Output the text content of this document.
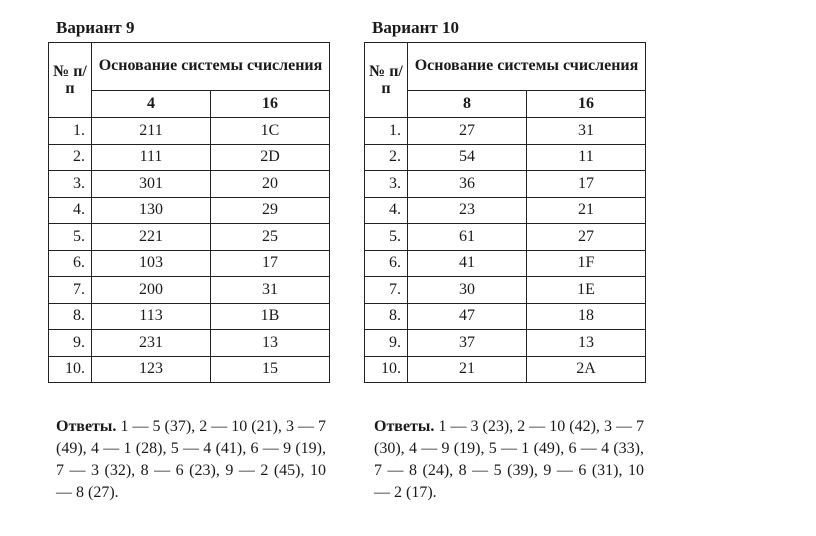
Вариант 9
№ п/п	Основание системы счисления	
	4	16
1.	211	1C
2.	111	2D
3.	301	20
4.	130	29
5.	221	25
6.	103	17
7.	200	31
8.	113	1B
9.	231	13
10.	123	15
Вариант 10
№ п/п	Основание системы счисления	
	8	16
1.	27	31
2.	54	11
3.	36	17
4.	23	21
5.	61	27
6.	41	1F
7.	30	1E
8.	47	18
9.	37	13
10.	21	2A
Ответы. 1 — 5 (37), 2 — 10 (21), 3 — 7 (49), 4 — 1 (28), 5 — 4 (41), 6 — 9 (19), 7 — 3 (32), 8 — 6 (23), 9 — 2 (45), 10 — 8 (27).
Ответы. 1 — 3 (23), 2 — 10 (42), 3 — 7 (30), 4 — 9 (19), 5 — 1 (49), 6 — 4 (33), 7 — 8 (24), 8 — 5 (39), 9 — 6 (31), 10 — 2 (17).
